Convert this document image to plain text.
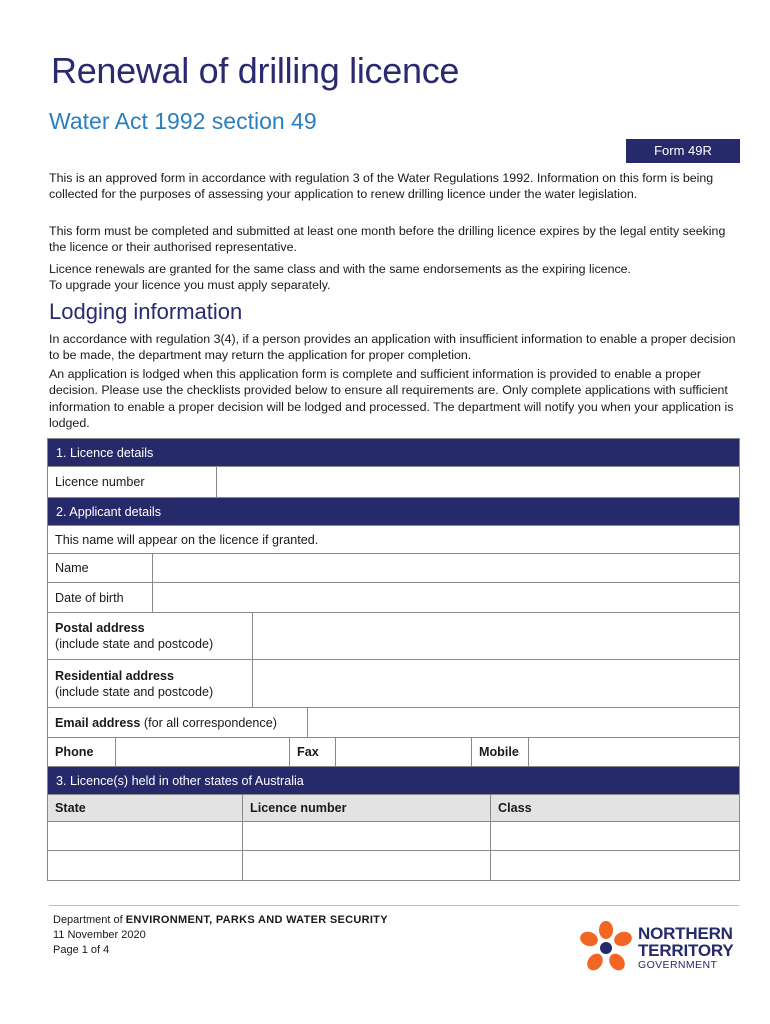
Renewal of drilling licence
Water Act 1992 section 49
Form 49R
This is an approved form in accordance with regulation 3 of the Water Regulations 1992. Information on this form is being collected for the purposes of assessing your application to renew drilling licence under the water legislation.
This form must be completed and submitted at least one month before the drilling licence expires by the legal entity seeking the licence or their authorised representative.
Licence renewals are granted for the same class and with the same endorsements as the expiring licence.
To upgrade your licence you must apply separately.
Lodging information
In accordance with regulation 3(4), if a person provides an application with insufficient information to enable a proper decision to be made, the department may return the application for proper completion.
An application is lodged when this application form is complete and sufficient information is provided to enable a proper decision. Please use the checklists provided below to ensure all requirements are. Only complete applications with sufficient information to enable a proper decision will be lodged and processed. The department will notify you when your application is lodged.
1. Licence details
Licence number
2. Applicant details
This name will appear on the licence if granted.
Name
Date of birth
Postal address
(include state and postcode)
Residential address
(include state and postcode)
Email address (for all correspondence)
Phone	Fax	Mobile
3. Licence(s) held in other states of Australia
State	Licence number	Class
Department of ENVIRONMENT, PARKS AND WATER SECURITY
11 November 2020
Page 1 of 4
NORTHERN
TERRITORY
GOVERNMENT
